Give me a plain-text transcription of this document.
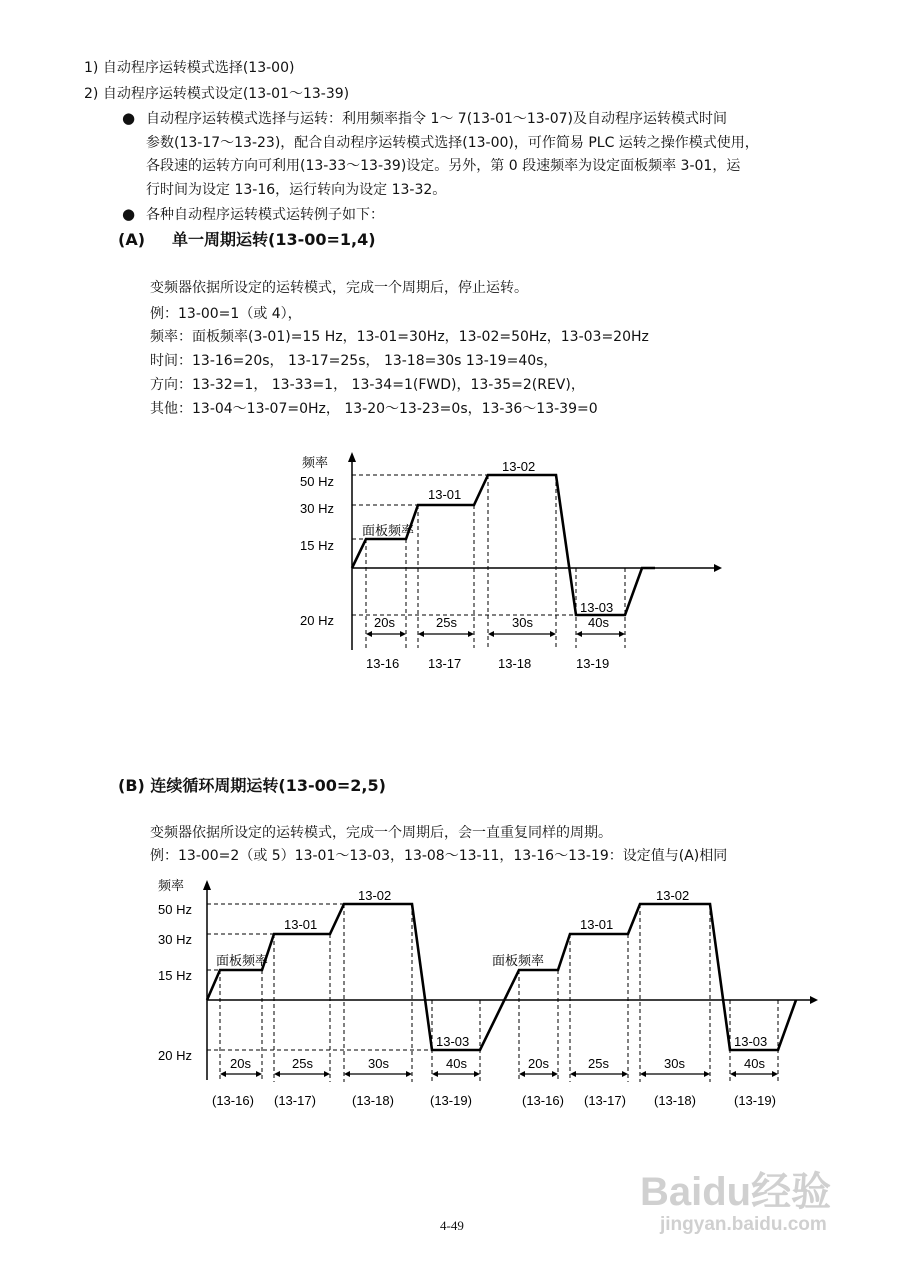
1) 自动程序运转模式选择(13-00)
2) 自动程序运转模式设定(13-01～13-39)
● 自动程序运转模式选择与运转：利用频率指令 1～ 7(13-01～13-07)及自动程序运转模式时间
参数(13-17～13-23)，配合自动程序运转模式选择(13-00)，可作简易 PLC 运转之操作模式使用，
各段速的运转方向可利用(13-33～13-39)设定。另外，第 0 段速频率为设定面板频率 3-01，运
行时间为设定 13-16，运行转向为设定 13-32。
● 各种自动程序运转模式运转例子如下：
(A) 单一周期运转(13-00=1,4)
变频器依据所设定的运转模式，完成一个周期后，停止运转。
例：13-00=1（或 4），
频率：面板频率(3-01)=15 Hz，13-01=30Hz，13-02=50Hz，13-03=20Hz
时间：13-16=20s， 13-17=25s， 13-18=30s 13-19=40s，
方向：13-32=1， 13-33=1， 13-34=1(FWD)，13-35=2(REV)，
其他：13-04～13-07=0Hz， 13-20～13-23=0s，13-36～13-39=0
频率
50 Hz
30 Hz
15 Hz
20 Hz
面板频率
13-01
13-02
13-03
20s	25s	30s	40s
13-16 13-17	13-18	13-19
频率
50 Hz
30 Hz
15 Hz
20 Hz
面板频率
13-01
13-02
13-03
面板频率
13-01
13-02
13-03
20s	25s	30s	40s	20s	25s	30s	40s
(13-16) (13-17)	(13-18)	(13-19)	(13-16) (13-17) (13-18)	(13-19)
(B) 连续循环周期运转(13-00=2,5)
变频器依据所设定的运转模式，完成一个周期后，会一直重复同样的周期。
例：13-00=2（或 5）13-01～13-03，13-08～13-11，13-16～13-19：设定值与(A)相同
4-49
Baidu经验
jingyan.baidu.com
